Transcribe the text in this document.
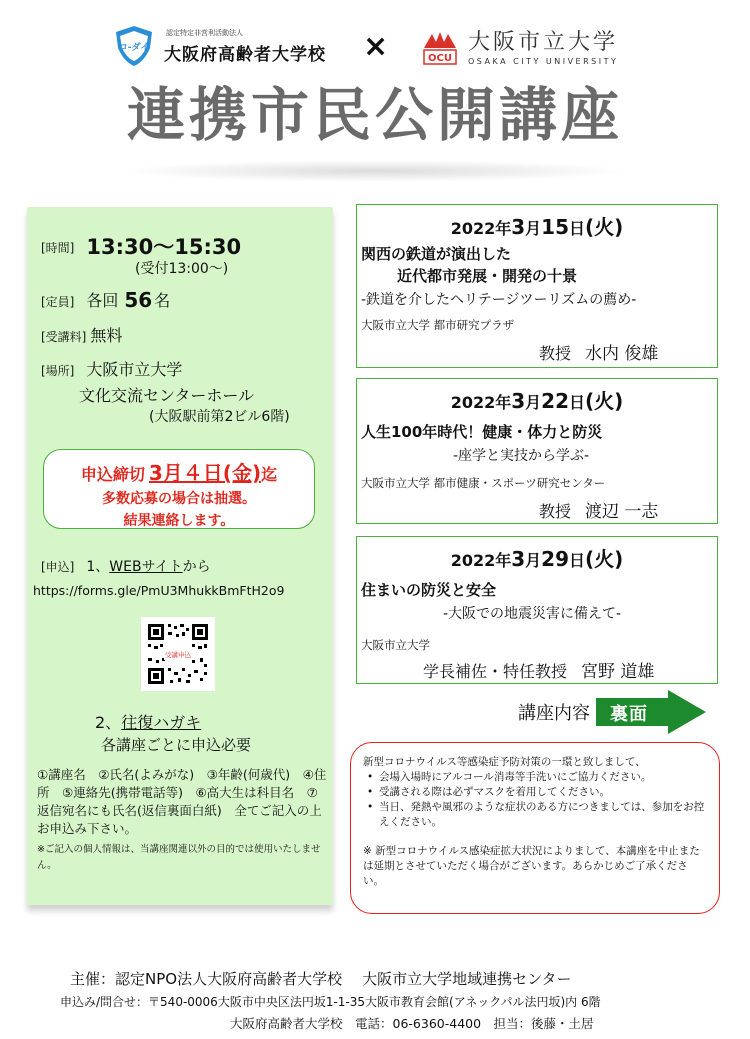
コ-ダイ
認定特定非営利活動法人
大阪府高齢者大学校 ×	OCU
大阪市立大学
OSAKA CITY UNIVERSITY
連携市民公開講座
[時間] 13:30〜15:30
(受付13:00〜)
[定員] 各回 56 名
[受講料] 無料
[場所] 大阪市立大学
文化交流センターホール
(大阪駅前第2ビル6階)
申込締切 3月４日(金)迄
多数応募の場合は抽選。
結果連絡します。
[申込] 1、WEBサイトから
https://forms.gle/PmU3MhukkBmFtH2o9
受講申込
2、往復ハガキ
各講座ごとに申込必要
①講座名　②氏名(よみがな)　③年齢(何歳代)　④住所　⑤連絡先(携帯電話等)　⑥高大生は科目名　⑦返信宛名にも氏名(返信裏面白紙)　全てご記入の上お申込み下さい。
※ご記入の個人情報は、当講座関連以外の目的では使用いたしません。
2022年3月15日(火)
関西の鉄道が演出した
近代都市発展・開発の十景
-鉄道を介したヘリテージツーリズムの薦め-
大阪市立大学 都市研究プラザ
教授 水内 俊雄
2022年3月22日(火)
人生100年時代！健康・体力と防災
-座学と実技から学ぶ-
大阪市立大学 都市健康・スポーツ研究センター
教授 渡辺 一志
2022年3月29日(火)
住まいの防災と安全
-大阪での地震災害に備えて-
大阪市立大学
学長補佐・特任教授 宮野 道雄
講座内容 裏面
新型コロナウイルス等感染症予防対策の一環と致しまして、
• 会場入場時にアルコール消毒等手洗いにご協力ください。
• 受講される際は必ずマスクを着用してください。
• 当日、発熱や風邪のような症状のある方につきましては、参加をお控えください。
※ 新型コロナウイルス感染症拡大状況によりまして、本講座を中止または延期とさせていただく場合がございます。あらかじめご了承ください。
主催：認定NPO法人大阪府高齢者大学校 大阪市立大学地域連携センター
申込み/問合せ：〒540-0006大阪市中央区法円坂1-1-35大阪市教育会館(アネックパル法円坂)内 6階
大阪府高齢者大学校　電話：06-6360-4400　担当：後藤・土居
